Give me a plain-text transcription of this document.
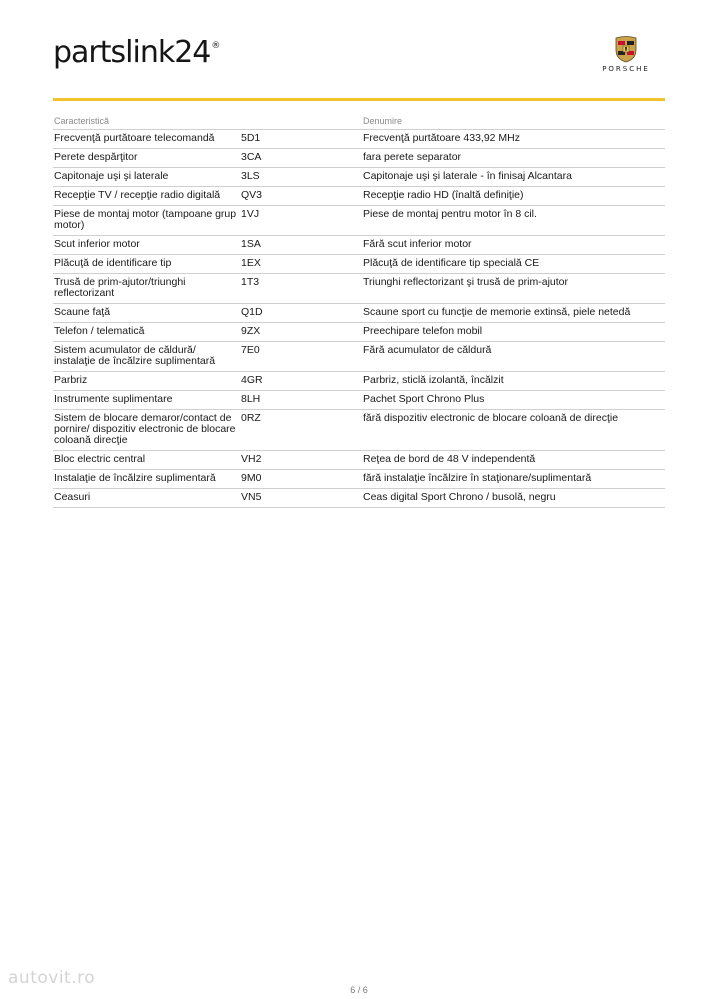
partslink24®
PORSCHE
Caracteristică		Denumire
Frecvenţă purtătoare telecomandă	5D1	Frecvenţă purtătoare 433,92 MHz
Perete despărţitor	3CA	fara perete separator
Capitonaje uşi şi laterale	3LS	Capitonaje uşi şi laterale - în finisaj Alcantara
Recepţie TV / recepţie radio digitală	QV3	Recepţie radio HD (înaltă definiţie)
Piese de montaj motor (tampoane grup motor)	1VJ	Piese de montaj pentru motor în 8 cil.
Scut inferior motor	1SA	Fără scut inferior motor
Plăcuţă de identificare tip	1EX	Plăcuţă de identificare tip specială CE
Trusă de prim-ajutor/triunghi reflectorizant	1T3	Triunghi reflectorizant şi trusă de prim-ajutor
Scaune faţă	Q1D	Scaune sport cu funcţie de memorie extinsă, piele netedă
Telefon / telematică	9ZX	Preechipare telefon mobil
Sistem acumulator de căldură/ instalaţie de încălzire suplimentară	7E0	Fără acumulator de căldură
Parbriz	4GR	Parbriz, sticlă izolantă, încălzit
Instrumente suplimentare	8LH	Pachet Sport Chrono Plus
Sistem de blocare demaror/contact de pornire/ dispozitiv electronic de blocare coloană direcţie	0RZ	fără dispozitiv electronic de blocare coloană de direcţie
Bloc electric central	VH2	Reţea de bord de 48 V independentă
Instalaţie de încălzire suplimentară	9M0	fără instalaţie încălzire în staţionare/suplimentară
Ceasuri	VN5	Ceas digital Sport Chrono / busolă, negru
autovit.ro
6 / 6
